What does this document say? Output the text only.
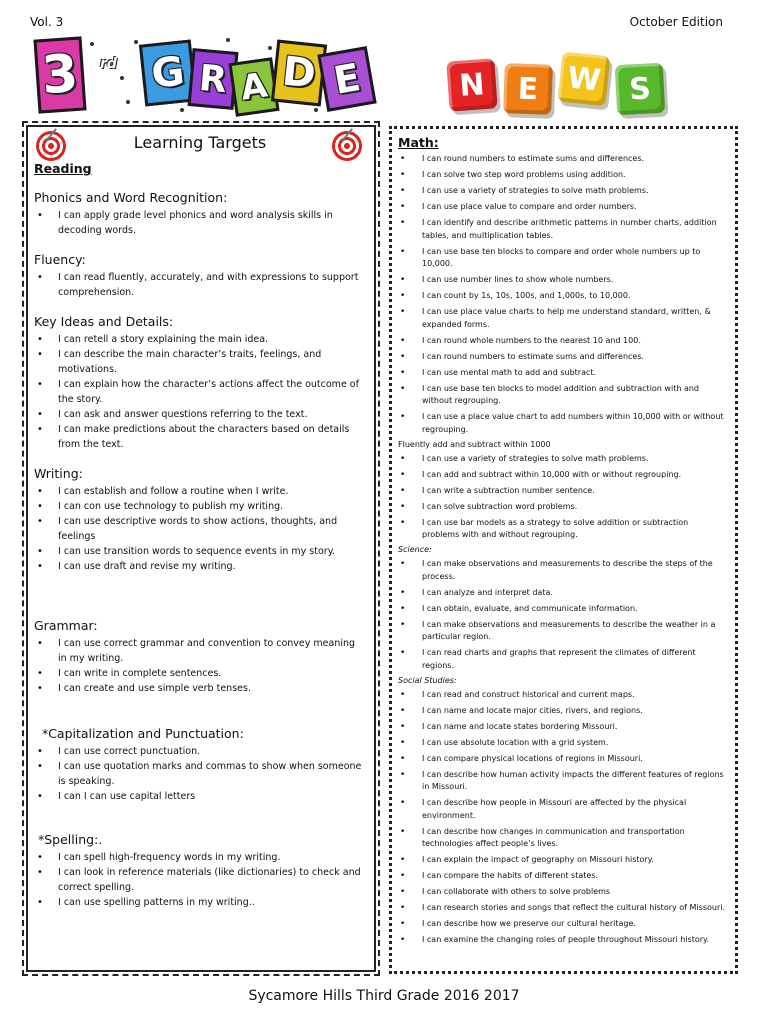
Vol. 3	October Edition
3	rd G R A D E	N	E W S
Learning Targets
Reading
Phonics and Word Recognition:
• I can apply grade level phonics and word analysis skills in decoding words.
Fluency:
• I can read fluently, accurately, and with expressions to support comprehension.
Key Ideas and Details:
• I can retell a story explaining the main idea.
• I can describe the main character’s traits, feelings, and motivations.
• I can explain how the character’s actions affect the outcome of the story.
• I can ask and answer questions referring to the text.
• I can make predictions about the characters based on details from the text.
Writing:
• I can establish and follow a routine when I write.
• I can con use technology to publish my writing.
• I can use descriptive words to show actions, thoughts, and feelings
• I can use transition words to sequence events in my story.
• I can use draft and revise my writing.
Grammar:
• I can use correct grammar and convention to convey meaning in my writing.
• I can write in complete sentences.
• I can create and use simple verb tenses.
*Capitalization and Punctuation:
• I can use correct punctuation.
• I can use quotation marks and commas to show when someone is speaking.
• I can I can use capital letters
*Spelling:.
• I can spell high-frequency words in my writing.
• I can look in reference materials (like dictionaries) to check and correct spelling.
• I can use spelling patterns in my writing..
Math:
• I can round numbers to estimate sums and differences.
• I can solve two step word problems using addition.
• I can use a variety of strategies to solve math problems.
• I can use place value to compare and order numbers.
• I can identify and describe arithmetic patterns in number charts, addition tables, and multiplication tables.
• I can use base ten blocks to compare and order whole numbers up to 10,000.
• I can use number lines to show whole numbers.
• I can count by 1s, 10s, 100s, and 1,000s, to 10,000.
• I can use place value charts to help me understand standard, written, & expanded forms.
• I can round whole numbers to the nearest 10 and 100.
• I can round numbers to estimate sums and differences.
• I can use mental math to add and subtract.
• I can use base ten blocks to model addition and subtraction with and without regrouping.
• I can use a place value chart to add numbers within 10,000 with or without regrouping.
Fluently add and subtract within 1000
• I can use a variety of strategies to solve math problems.
• I can add and subtract within 10,000 with or without regrouping.
• I can write a subtraction number sentence.
• I can solve subtraction word problems.
• I can use bar models as a strategy to solve addition or subtraction problems with and without regrouping.
Science:
• I can make observations and measurements to describe the steps of the process.
• I can analyze and interpret data.
• I can obtain, evaluate, and communicate information.
• I can make observations and measurements to describe the weather in a particular region.
• I can read charts and graphs that represent the climates of different regions.
Social Studies:
• I can read and construct historical and current maps.
• I can name and locate major cities, rivers, and regions.
• I can name and locate states bordering Missouri.
• I can use absolute location with a grid system.
• I can compare physical locations of regions in Missouri.
• I can describe how human activity impacts the different features of regions in Missouri.
• I can describe how people in Missouri are affected by the physical environment.
• I can describe how changes in communication and transportation technologies affect people’s lives.
• I can explain the impact of geography on Missouri history.
• I can compare the habits of different states.
• I can collaborate with others to solve problems
• I can research stories and songs that reflect the cultural history of Missouri.
• I can describe how we preserve our cultural heritage.
• I can examine the changing roles of people throughout Missouri history.
Sycamore Hills Third Grade 2016 2017
